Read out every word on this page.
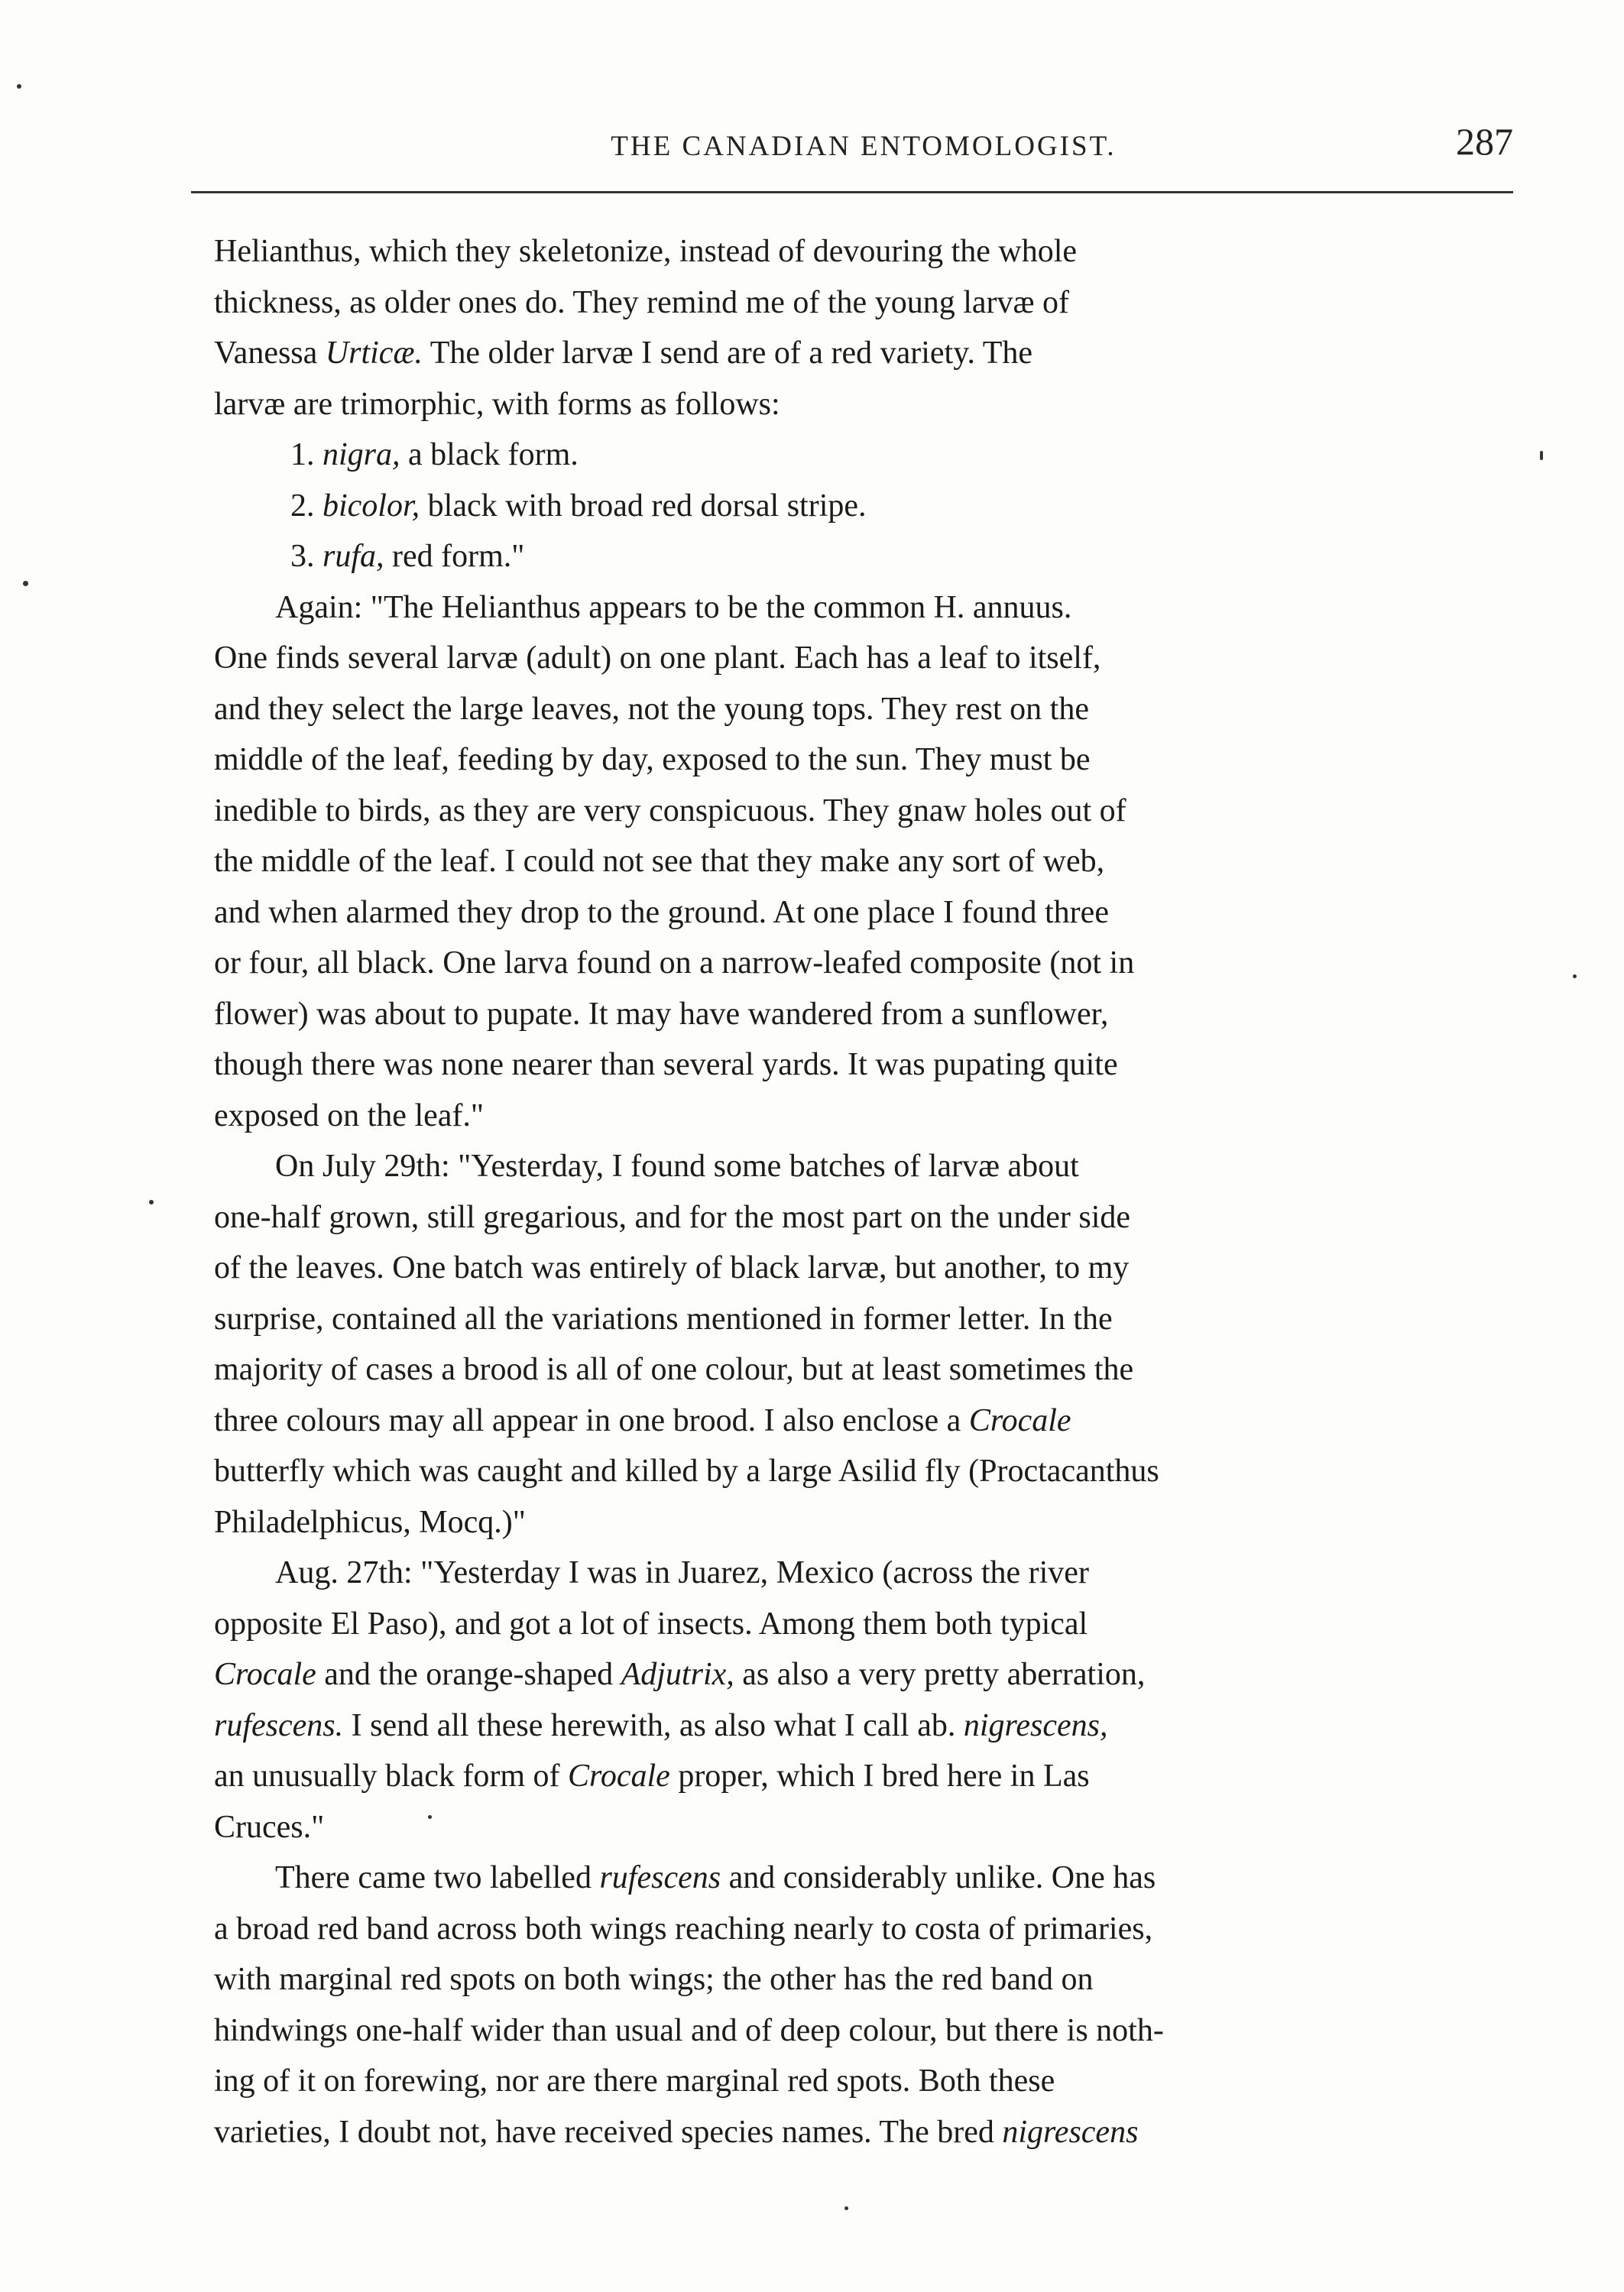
THE CANADIAN ENTOMOLOGIST.	287
Helianthus, which they skeletonize, instead of devouring the whole
thickness, as older ones do. They remind me of the young larvæ of
Vanessa Urticæ. The older larvæ I send are of a red variety. The
larvæ are trimorphic, with forms as follows:
1. nigra, a black form.
2. bicolor, black with broad red dorsal stripe.
3. rufa, red form."
Again: "The Helianthus appears to be the common H. annuus.
One finds several larvæ (adult) on one plant. Each has a leaf to itself,
and they select the large leaves, not the young tops. They rest on the
middle of the leaf, feeding by day, exposed to the sun. They must be
inedible to birds, as they are very conspicuous. They gnaw holes out of
the middle of the leaf. I could not see that they make any sort of web,
and when alarmed they drop to the ground. At one place I found three
or four, all black. One larva found on a narrow-leafed composite (not in
flower) was about to pupate. It may have wandered from a sunflower,
though there was none nearer than several yards. It was pupating quite
exposed on the leaf."
On July 29th: "Yesterday, I found some batches of larvæ about
one-half grown, still gregarious, and for the most part on the under side
of the leaves. One batch was entirely of black larvæ, but another, to my
surprise, contained all the variations mentioned in former letter. In the
majority of cases a brood is all of one colour, but at least sometimes the
three colours may all appear in one brood. I also enclose a Crocale
butterfly which was caught and killed by a large Asilid fly (Proctacanthus
Philadelphicus, Mocq.)"
Aug. 27th: "Yesterday I was in Juarez, Mexico (across the river
opposite El Paso), and got a lot of insects. Among them both typical
Crocale and the orange-shaped Adjutrix, as also a very pretty aberration,
rufescens. I send all these herewith, as also what I call ab. nigrescens,
an unusually black form of Crocale proper, which I bred here in Las
Cruces."
There came two labelled rufescens and considerably unlike. One has
a broad red band across both wings reaching nearly to costa of primaries,
with marginal red spots on both wings; the other has the red band on
hindwings one-half wider than usual and of deep colour, but there is noth-
ing of it on forewing, nor are there marginal red spots. Both these
varieties, I doubt not, have received species names. The bred nigrescens
